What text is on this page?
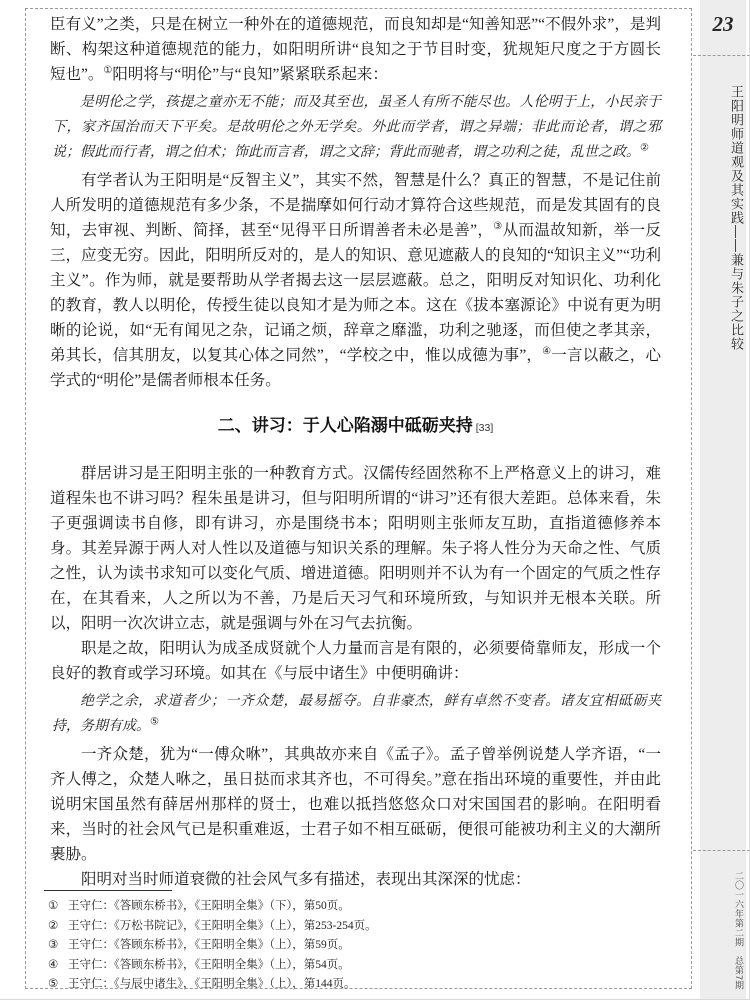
23
王阳明师道观及其实践——兼与朱子之比较
二〇一六年第二期
总第7期

臣有义”之类，只是在树立一种外在的道德规范，而良知却是“知善知恶”“不假外求”，是判断、构架这种道德规范的能力，如阳明所讲“良知之于节目时变，犹规矩尺度之于方圆长短也”。①阳明将与“明伦”与“良知”紧紧联系起来：

是明伦之学，孩提之童亦无不能；而及其至也，虽圣人有所不能尽也。人伦明于上，小民亲于下，家齐国治而天下平矣。是故明伦之外无学矣。外此而学者，谓之异端；非此而论者，谓之邪说；假此而行者，谓之伯术；饰此而言者，谓之文辞；背此而驰者，谓之功利之徒，乱世之政。②

有学者认为王阳明是“反智主义”，其实不然，智慧是什么？真正的智慧，不是记住前人所发明的道德规范有多少条，不是揣摩如何行动才算符合这些规范，而是发其固有的良知，去审视、判断、简择，甚至“见得平日所谓善者未必是善”，③从而温故知新，举一反三，应变无穷。因此，阳明所反对的，是人的知识、意见遮蔽人的良知的“知识主义”“功利主义”。作为师，就是要帮助从学者揭去这一层层遮蔽。总之，阳明反对知识化、功利化的教育，教人以明伦，传授生徒以良知才是为师之本。这在《拔本塞源论》中说有更为明晰的论说，如“无有闻见之杂，记诵之烦，辞章之靡滥，功利之驰逐，而但使之孝其亲，弟其长，信其朋友，以复其心体之同然”，“学校之中，惟以成德为事”，④一言以蔽之，心学式的“明伦”是儒者师根本任务。

二、讲习：于人心陷溺中砥砺夹持 [33]

群居讲习是王阳明主张的一种教育方式。汉儒传经固然称不上严格意义上的讲习，难道程朱也不讲习吗？程朱虽是讲习，但与阳明所谓的“讲习”还有很大差距。总体来看，朱子更强调读书自修，即有讲习，亦是围绕书本；阳明则主张师友互助，直指道德修养本身。其差异源于两人对人性以及道德与知识关系的理解。朱子将人性分为天命之性、气质之性，认为读书求知可以变化气质、增进道德。阳明则并不认为有一个固定的气质之性存在，在其看来，人之所以为不善，乃是后天习气和环境所致，与知识并无根本关联。所以，阳明一次次讲立志，就是强调与外在习气去抗衡。

职是之故，阳明认为成圣成贤就个人力量而言是有限的，必须要倚靠师友，形成一个良好的教育或学习环境。如其在《与辰中诸生》中便明确讲：

绝学之余，求道者少；一齐众楚，最易摇夺。自非豪杰，鲜有卓然不变者。诸友宜相砥砺夹持，务期有成。⑤

一齐众楚，犹为“一傅众咻”，其典故亦来自《孟子》。孟子曾举例说楚人学齐语，“一齐人傅之，众楚人咻之，虽日挞而求其齐也，不可得矣。”意在指出环境的重要性，并由此说明宋国虽然有薛居州那样的贤士，也难以抵挡悠悠众口对宋国国君的影响。在阳明看来，当时的社会风气已是积重难返，士君子如不相互砥砺，便很可能被功利主义的大潮所裹胁。

阳明对当时师道衰微的社会风气多有描述，表现出其深深的忧虑：

① 王守仁：《答顾东桥书》，《王阳明全集》（下），第50页。
② 王守仁：《万松书院记》，《王阳明全集》（上），第253-254页。
③ 王守仁：《答顾东桥书》，《王阳明全集》（上），第59页。
④ 王守仁：《答顾东桥书》，《王阳明全集》（上），第54页。
⑤ 王守仁：《与辰中诸生》，《王阳明全集》（上），第144页。
